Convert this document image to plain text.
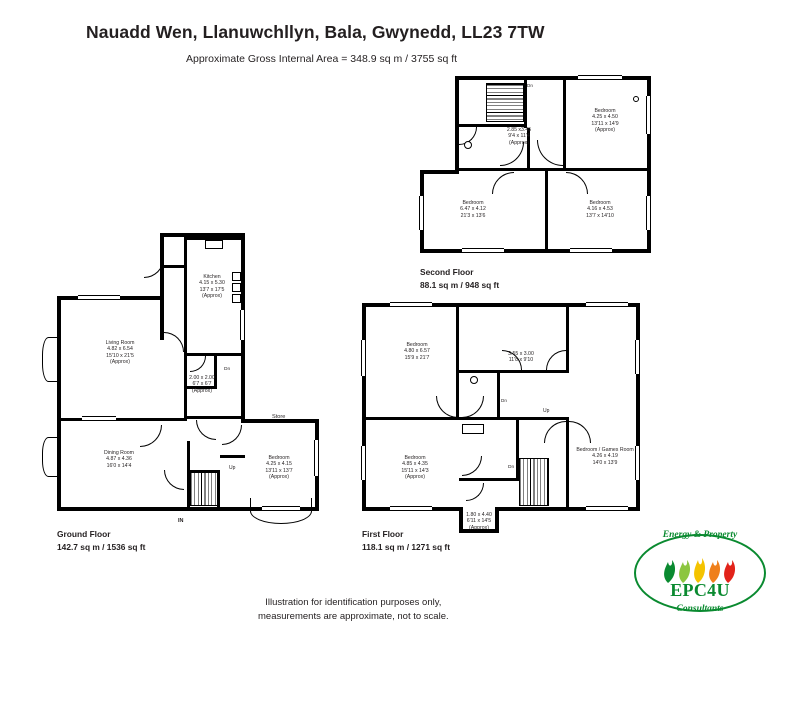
Nauadd Wen, Llanuwchllyn, Bala, Gwynedd, LL23 7TW
Approximate Gross Internal Area = 348.9 sq m / 3755 sq ft
Dn
2.85 x3.45
9'4 x 11'4
(Approx)
Bedroom
4.25 x 4.50
13'11 x 14'9
(Approx)
Bedroom
6.47 x 4.12
21'3 x 13'6
Bedroom
4.16 x 4.53
13'7 x 14'10
Second Floor
88.1 sq m / 948 sq ft
IN
Up
Dn
Store
Kitchen
4.15 x 5.30
13'7 x 17'5
(Approx)
Living Room
4.82 x 6.54
15'10 x 21'5
(Approx)
2.00 x 2.00
6'7 x 6'7
(Approx)
Dining Room
4.87 x 4.36
16'0 x 14'4
Bedroom
4.25 x 4.15
13'11 x 13'7
(Approx)
Ground Floor
142.7 sq m / 1536 sq ft
Up
Dn
Dn
Bedroom
4.80 x 6.57
15'9 x 21'7
3.55 x 3.00
11'8 x 9'10
Bedroom
4.85 x 4.35
15'11 x 14'3
(Approx)
Bedroom / Games Room
4.26 x 4.19
14'0 x 13'9
1.80 x 4.40
6'11 x 14'5
(Approx)
First Floor
118.1 sq m / 1271 sq ft
Illustration for identification purposes only,
measurements are approximate, not to scale.
Energy & Property
EPC4U
Consultants
